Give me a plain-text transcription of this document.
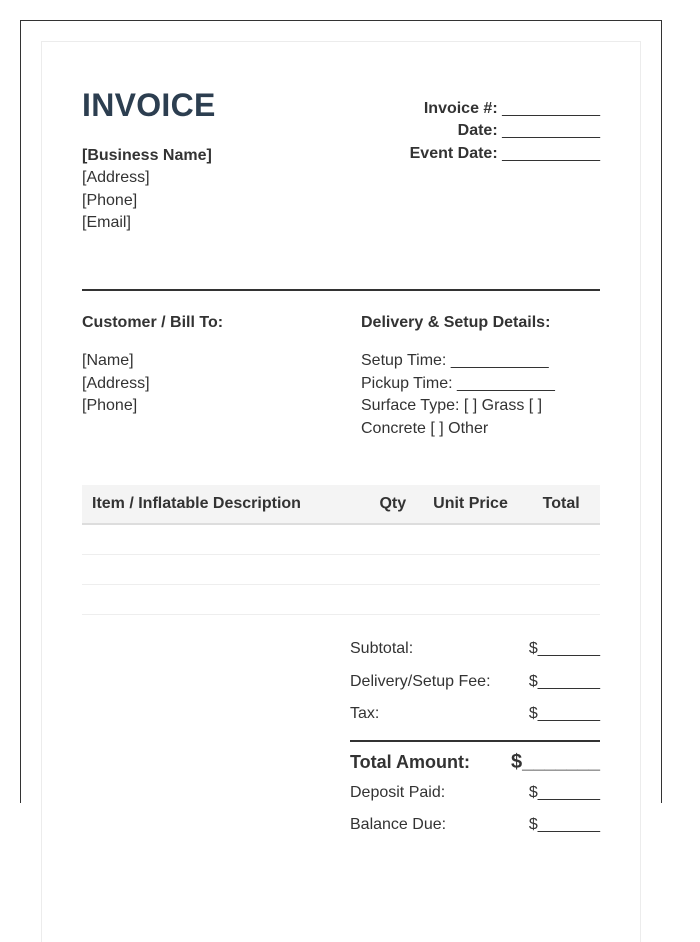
INVOICE
[Business Name]
[Address]
[Phone]
[Email]
Invoice #: ___________
Date: ___________
Event Date: ___________
Customer / Bill To:
[Name]
[Address]
[Phone]
Delivery & Setup Details:
Setup Time: ___________
Pickup Time: ___________
Surface Type: [ ] Grass [ ]
Concrete [ ] Other
Item / Inflatable Description	Qty	Unit Price	Total

Subtotal:	$_______
Delivery/Setup Fee: $_______
Tax:	$_______
Total Amount: $_______
Deposit Paid:	$_______
Balance Due:	$_______
